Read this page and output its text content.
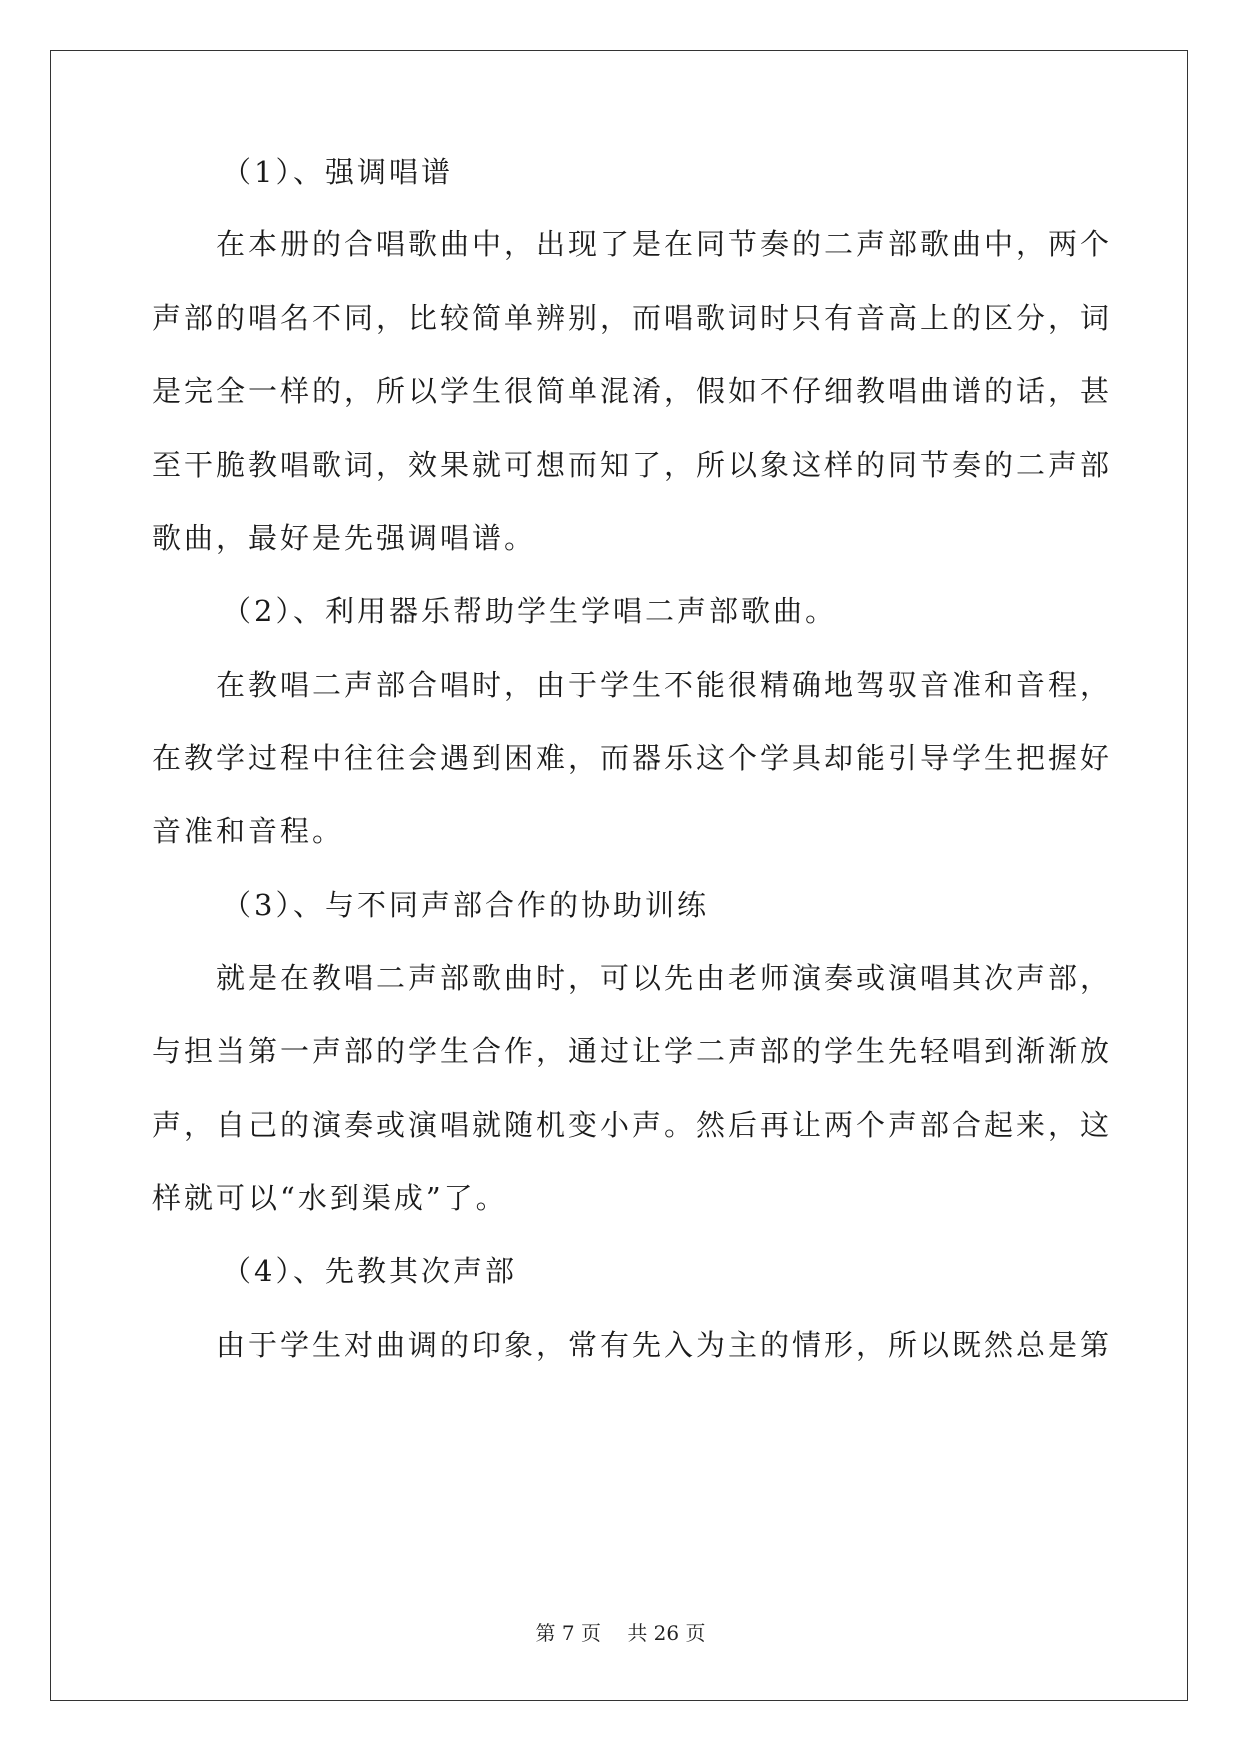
（1）、强调唱谱

在本册的合唱歌曲中，出现了是在同节奏的二声部歌曲中，两个

声部的唱名不同，比较简单辨别，而唱歌词时只有音高上的区分，词

是完全一样的，所以学生很简单混淆，假如不仔细教唱曲谱的话，甚

至干脆教唱歌词，效果就可想而知了，所以象这样的同节奏的二声部

歌曲，最好是先强调唱谱。

（2）、利用器乐帮助学生学唱二声部歌曲。

在教唱二声部合唱时，由于学生不能很精确地驾驭音准和音程，

在教学过程中往往会遇到困难，而器乐这个学具却能引导学生把握好

音准和音程。

（3）、与不同声部合作的协助训练

就是在教唱二声部歌曲时，可以先由老师演奏或演唱其次声部，

与担当第一声部的学生合作，通过让学二声部的学生先轻唱到渐渐放

声，自己的演奏或演唱就随机变小声。然后再让两个声部合起来，这

样就可以“水到渠成”了。

（4）、先教其次声部

由于学生对曲调的印象，常有先入为主的情形，所以既然总是第

第 7 页 共 26 页
